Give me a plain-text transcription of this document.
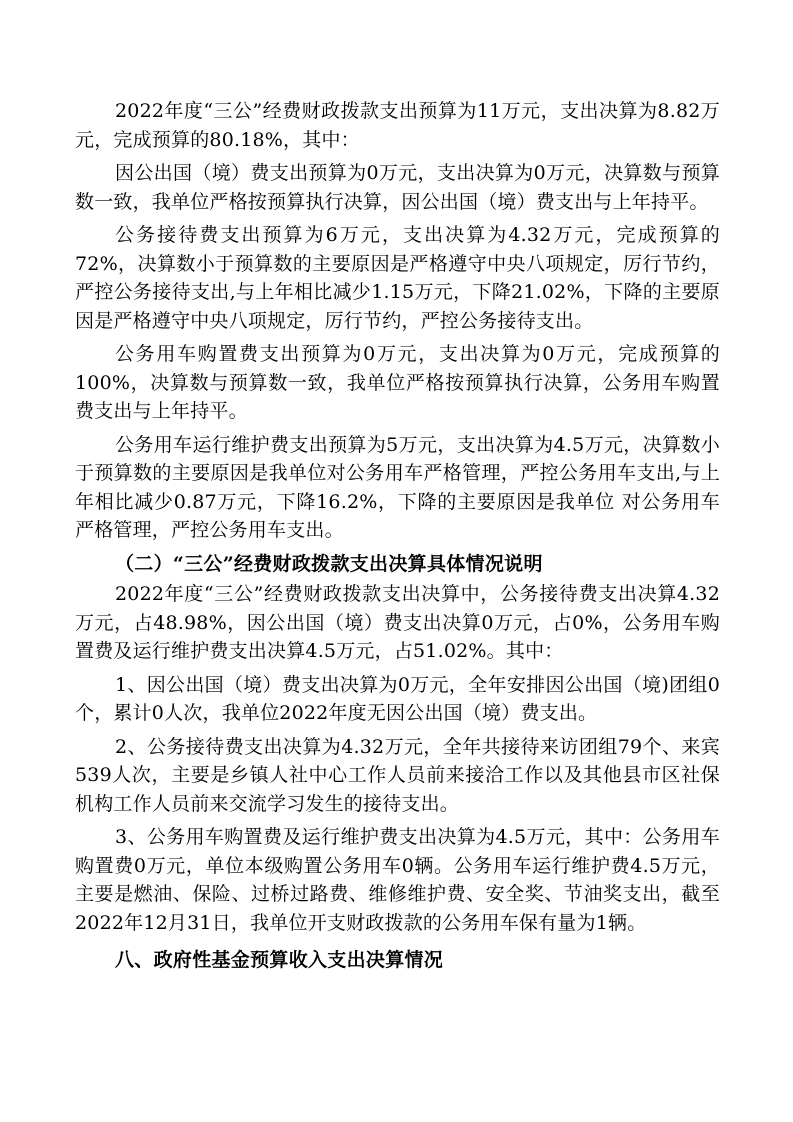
2022年度“三公”经费财政拨款支出预算为11万元，支出决算为8.82万元，完成预算的80.18%，其中：

因公出国（境）费支出预算为0万元，支出决算为0万元，决算数与预算数一致，我单位严格按预算执行决算，因公出国（境）费支出与上年持平。

公务接待费支出预算为6万元，支出决算为4.32万元，完成预算的72%，决算数小于预算数的主要原因是严格遵守中央八项规定，厉行节约，严控公务接待支出,与上年相比减少1.15万元，下降21.02%，下降的主要原因是严格遵守中央八项规定，厉行节约，严控公务接待支出。

公务用车购置费支出预算为0万元，支出决算为0万元，完成预算的100%，决算数与预算数一致，我单位严格按预算执行决算，公务用车购置费支出与上年持平。

公务用车运行维护费支出预算为5万元，支出决算为4.5万元，决算数小于预算数的主要原因是我单位对公务用车严格管理，严控公务用车支出,与上年相比减少0.87万元，下降16.2%，下降的主要原因是我单位 对公务用车严格管理，严控公务用车支出。

（二）“三公”经费财政拨款支出决算具体情况说明

2022年度“三公”经费财政拨款支出决算中，公务接待费支出决算4.32万元，占48.98%，因公出国（境）费支出决算0万元，占0%，公务用车购置费及运行维护费支出决算4.5万元，占51.02%。其中：

1、因公出国（境）费支出决算为0万元，全年安排因公出国（境)团组0个，累计0人次，我单位2022年度无因公出国（境）费支出。

2、公务接待费支出决算为4.32万元，全年共接待来访团组79个、来宾539人次，主要是乡镇人社中心工作人员前来接洽工作以及其他县市区社保机构工作人员前来交流学习发生的接待支出。

3、公务用车购置费及运行维护费支出决算为4.5万元，其中：公务用车购置费0万元，单位本级购置公务用车0辆。公务用车运行维护费4.5万元，主要是燃油、保险、过桥过路费、维修维护费、安全奖、节油奖支出，截至2022年12月31日，我单位开支财政拨款的公务用车保有量为1辆。

八、政府性基金预算收入支出决算情况
